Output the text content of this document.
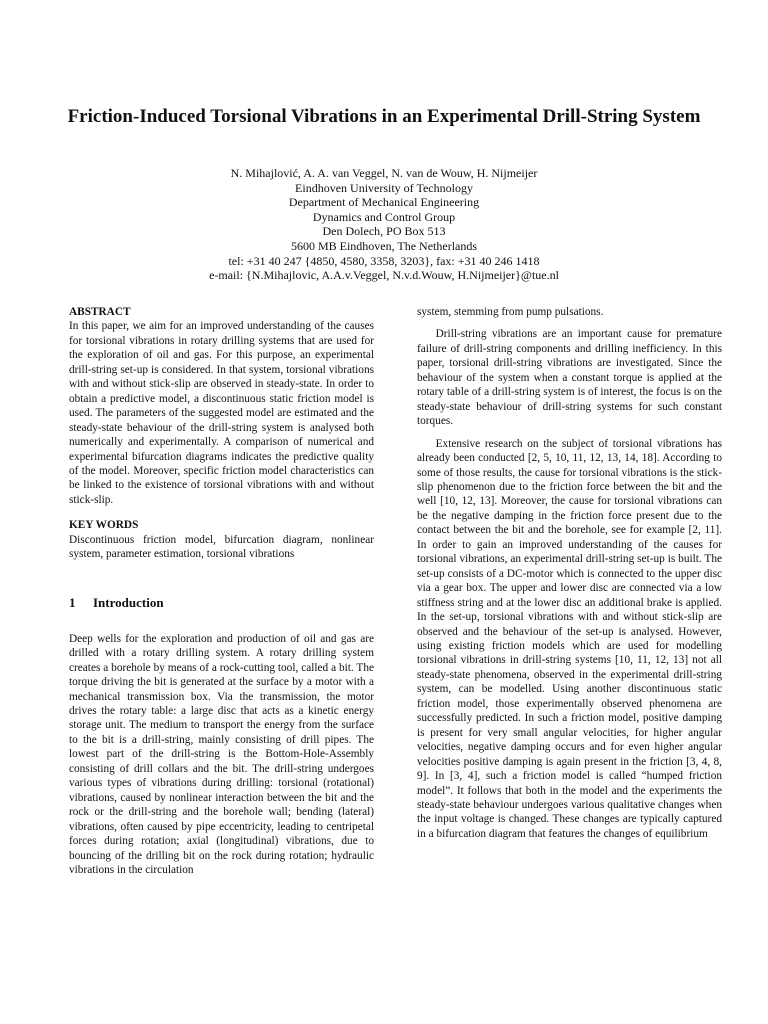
Friction-Induced Torsional Vibrations in an Experimental Drill-String System
N. Mihajlović, A. A. van Veggel, N. van de Wouw, H. Nijmeijer
Eindhoven University of Technology
Department of Mechanical Engineering
Dynamics and Control Group
Den Dolech, PO Box 513
5600 MB Eindhoven, The Netherlands
tel: +31 40 247 {4850, 4580, 3358, 3203}, fax: +31 40 246 1418
e-mail: {N.Mihajlovic, A.A.v.Veggel, N.v.d.Wouw, H.Nijmeijer}@tue.nl
ABSTRACT

In this paper, we aim for an improved understanding of the causes for torsional vibrations in rotary drilling systems that are used for the exploration of oil and gas. For this purpose, an experimental drill-string set-up is considered. In that system, torsional vibrations with and without stick-slip are observed in steady-state. In order to obtain a predictive model, a discontinuous static friction model is used. The parameters of the suggested model are estimated and the steady-state behaviour of the drill-string system is analysed both numerically and experimentally. A comparison of numerical and experimental bifurcation diagrams indicates the predictive quality of the model. Moreover, specific friction model characteristics can be linked to the existence of torsional vibrations with and without stick-slip.

KEY WORDS

Discontinuous friction model, bifurcation diagram, nonlinear system, parameter estimation, torsional vibrations

1 Introduction

Deep wells for the exploration and production of oil and gas are drilled with a rotary drilling system. A rotary drilling system creates a borehole by means of a rock-cutting tool, called a bit. The torque driving the bit is generated at the surface by a motor with a mechanical transmission box. Via the transmission, the motor drives the rotary table: a large disc that acts as a kinetic energy storage unit. The medium to transport the energy from the surface to the bit is a drill-string, mainly consisting of drill pipes. The lowest part of the drill-string is the Bottom-Hole-Assembly consisting of drill collars and the bit. The drill-string undergoes various types of vibrations during drilling: torsional (rotational) vibrations, caused by nonlinear interaction between the bit and the rock or the drill-string and the borehole wall; bending (lateral) vibrations, often caused by pipe eccentricity, leading to centripetal forces during rotation; axial (longitudinal) vibrations, due to bouncing of the drilling bit on the rock during rotation; hydraulic vibrations in the circulation

system, stemming from pump pulsations.

Drill-string vibrations are an important cause for premature failure of drill-string components and drilling inefficiency. In this paper, torsional drill-string vibrations are investigated. Since the behaviour of the system when a constant torque is applied at the rotary table of a drill-string system is of interest, the focus is on the steady-state behaviour of drill-string systems for such constant torques.

Extensive research on the subject of torsional vibrations has already been conducted [2, 5, 10, 11, 12, 13, 14, 18]. According to some of those results, the cause for torsional vibrations is the stick-slip phenomenon due to the friction force between the bit and the well [10, 12, 13]. Moreover, the cause for torsional vibrations can be the negative damping in the friction force present due to the contact between the bit and the borehole, see for example [2, 11]. In order to gain an improved understanding of the causes for torsional vibrations, an experimental drill-string set-up is built. The set-up consists of a DC-motor which is connected to the upper disc via a gear box. The upper and lower disc are connected via a low stiffness string and at the lower disc an additional brake is applied. In the set-up, torsional vibrations with and without stick-slip are observed and the behaviour of the set-up is analysed. However, using existing friction models which are used for modelling torsional vibrations in drill-string systems [10, 11, 12, 13] not all steady-state phenomena, observed in the experimental drill-string system, can be modelled. Using another discontinuous static friction model, those experimentally observed phenomena are successfully predicted. In such a friction model, positive damping is present for very small angular velocities, for higher angular velocities, negative damping occurs and for even higher angular velocities positive damping is again present in the friction [3, 4, 8, 9]. In [3, 4], such a friction model is called “humped friction model”. It follows that both in the model and the experiments the steady-state behaviour undergoes various qualitative changes when the input voltage is changed. These changes are typically captured in a bifurcation diagram that features the changes of equilibrium
